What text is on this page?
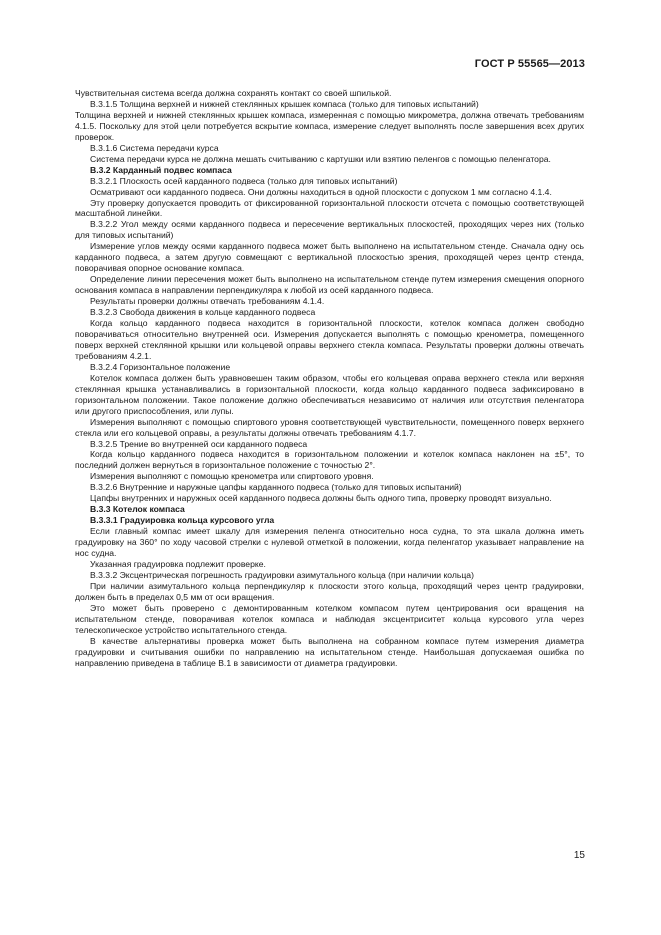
ГОСТ Р 55565—2013

Чувствительная система всегда должна сохранять контакт со своей шпилькой.

В.3.1.5 Толщина верхней и нижней стеклянных крышек компаса (только для типовых испытаний)

Толщина верхней и нижней стеклянных крышек компаса, измеренная с помощью микрометра, должна отвечать требованиям 4.1.5. Поскольку для этой цели потребуется вскрытие компаса, измерение следует выполнять после завершения всех других проверок.

В.3.1.6 Система передачи курса

Система передачи курса не должна мешать считыванию с картушки или взятию пеленгов с помощью пеленгатора.

В.3.2 Карданный подвес компаса

В.3.2.1 Плоскость осей карданного подвеса (только для типовых испытаний)

Осматривают оси карданного подвеса. Они должны находиться в одной плоскости с допуском 1 мм согласно 4.1.4.

Эту проверку допускается проводить от фиксированной горизонтальной плоскости отсчета с помощью соответствующей масштабной линейки.

В.3.2.2 Угол между осями карданного подвеса и пересечение вертикальных плоскостей, проходящих через них (только для типовых испытаний)

Измерение углов между осями карданного подвеса может быть выполнено на испытательном стенде. Сначала одну ось карданного подвеса, а затем другую совмещают с вертикальной плоскостью зрения, проходящей через центр стенда, поворачивая опорное основание компаса.

Определение линии пересечения может быть выполнено на испытательном стенде путем измерения смещения опорного основания компаса в направлении перпендикуляра к любой из осей карданного подвеса.

Результаты проверки должны отвечать требованиям 4.1.4.

В.3.2.3 Свобода движения в кольце карданного подвеса

Когда кольцо карданного подвеса находится в горизонтальной плоскости, котелок компаса должен свободно поворачиваться относительно внутренней оси. Измерения допускается выполнять с помощью кренометра, помещенного поверх верхней стеклянной крышки или кольцевой оправы верхнего стекла компаса. Результаты проверки должны отвечать требованиям 4.2.1.

В.3.2.4 Горизонтальное положение

Котелок компаса должен быть уравновешен таким образом, чтобы его кольцевая оправа верхнего стекла или верхняя стеклянная крышка устанавливались в горизонтальной плоскости, когда кольцо карданного подвеса зафиксировано в горизонтальном положении. Такое положение должно обеспечиваться независимо от наличия или отсутствия пеленгатора или другого приспособления, или лупы.

Измерения выполняют с помощью спиртового уровня соответствующей чувствительности, помещенного поверх верхнего стекла или его кольцевой оправы, а результаты должны отвечать требованиям 4.1.7.

В.3.2.5 Трение во внутренней оси карданного подвеса

Когда кольцо карданного подвеса находится в горизонтальном положении и котелок компаса наклонен на ±5°, то последний должен вернуться в горизонтальное положение с точностью 2°.

Измерения выполняют с помощью кренометра или спиртового уровня.

В.3.2.6 Внутренние и наружные цапфы карданного подвеса (только для типовых испытаний)

Цапфы внутренних и наружных осей карданного подвеса должны быть одного типа, проверку проводят визуально.

В.3.3 Котелок компаса

В.3.3.1 Градуировка кольца курсового угла

Если главный компас имеет шкалу для измерения пеленга относительно носа судна, то эта шкала должна иметь градуировку на 360° по ходу часовой стрелки с нулевой отметкой в положении, когда пеленгатор указывает направление на нос судна.

Указанная градуировка подлежит проверке.

В.3.3.2 Эксцентрическая погрешность градуировки азимутального кольца (при наличии кольца)

При наличии азимутального кольца перпендикуляр к плоскости этого кольца, проходящий через центр градуировки, должен быть в пределах 0,5 мм от оси вращения.

Это может быть проверено с демонтированным котелком компасом путем центрирования оси вращения на испытательном стенде, поворачивая котелок компаса и наблюдая эксцентриситет кольца курсового угла через телескопическое устройство испытательного стенда.

В качестве альтернативы проверка может быть выполнена на собранном компасе путем измерения диаметра градуировки и считывания ошибки по направлению на испытательном стенде. Наибольшая допускаемая ошибка по направлению приведена в таблице В.1 в зависимости от диаметра градуировки.

15
